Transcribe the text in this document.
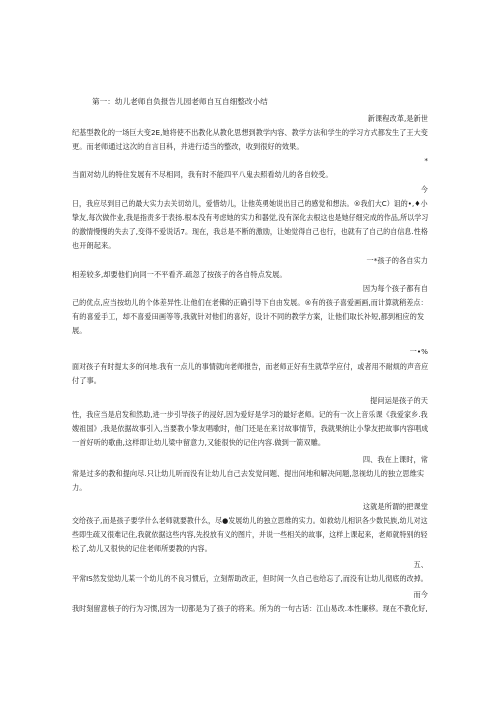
第一：幼儿老师自负报告儿园老师自互自细整改小结
新课程改革,是新世
纪基型教化的一场巨大变2E,她将使不出教化从教化思想到教学内容、教学方法和学生的学习方式都发生了王大变
更。而老师通过这次的自言目科，并进行适当的整改，收到很好的效果。
*
当面对幼儿的特住发展有不尽相同，我有时不能四平八鬼去照看幼儿的各自较受。
今
日，我应尽到目己的最大实力去关切幼儿，爱惜幼儿，让他英勇她说出目己的感觉和想法。®我们大C）诅的•,♦小
挚友,每次做作业,我是指责多于表扬.根本没有考虑她的实力和器觉,没有深化去根这也是她仔细完成的作品,所以学习
的激情慢慢的失去了,变得不爱说话7。现在，我总是不断的激励，让她觉得自己也行，也就有了自己的自信息.性格
也开朗起来。
一*孩子的各自实力
相差较多,却要他们向同一不平看齐.疏忽了按孩子的各自特点发展。
因为每个孩子都有自
己的优点,应当按幼儿的个体差异性.让他们在老佛的正确引导下自由发展。®有的孩子喜爱画画,而计算就稍差点：
有的喜爱手工，却不喜爱田画等等,我就针对他们的喜好，设计不同的教学方案，让他们取长补短,都到相应的发
展。
一•%
面对孩子有时提太多的问地.我有一点儿的事情就向老师报告，而老师正好有生就草学应付，或者用不耐烦的声音应
付了事。
提问运是孩子的天
性，我应当是启发和然助,进一步引导孩子的浸好,因为爱好是学习的最好老师。记的有一次上音乐课《我爱家乡.我
嫂祖国》,我是依据故事引入,当要教小挚友唱歌时，他门还是在来讨故事情节，我就果纳让小挚友把故事内容唱成
一首好听的歌曲,这样即让幼儿梁中留意力,又能很快的记住内容.做到一箭双雕。
四、我在上课时，常
常是过多的教和提向尽.只让幼儿听而没有让幼儿自己去发觉问题、提出问地和解决问题,忽视幼儿的独立思维实
力。
这就是所谓的把课堂
交给孩子,而是孩子要学什么老师就要教什么，尽●发展幼儿的独立思维的实力。如救幼儿相识各少数民族,幼儿对这
些即生疏又很难记住,我就依据这些内容,先投放有义的图片，并说一些相关的故事，这样上课起来，老师就特别的轻
松了,幼儿又很快的记住老师所要教的内容。
五、
平常IS然发觉幼儿某一个幼儿的不良习惯后，立刻帮助改正，但时间一久自己也给忘了,而没有让幼儿彻底的改掉。
而今
我时刻留意核子的行为习惯,因为一切都是为了孩子的将来。所为的一句古话：江山易改.本性廉移。现在不教化好,
